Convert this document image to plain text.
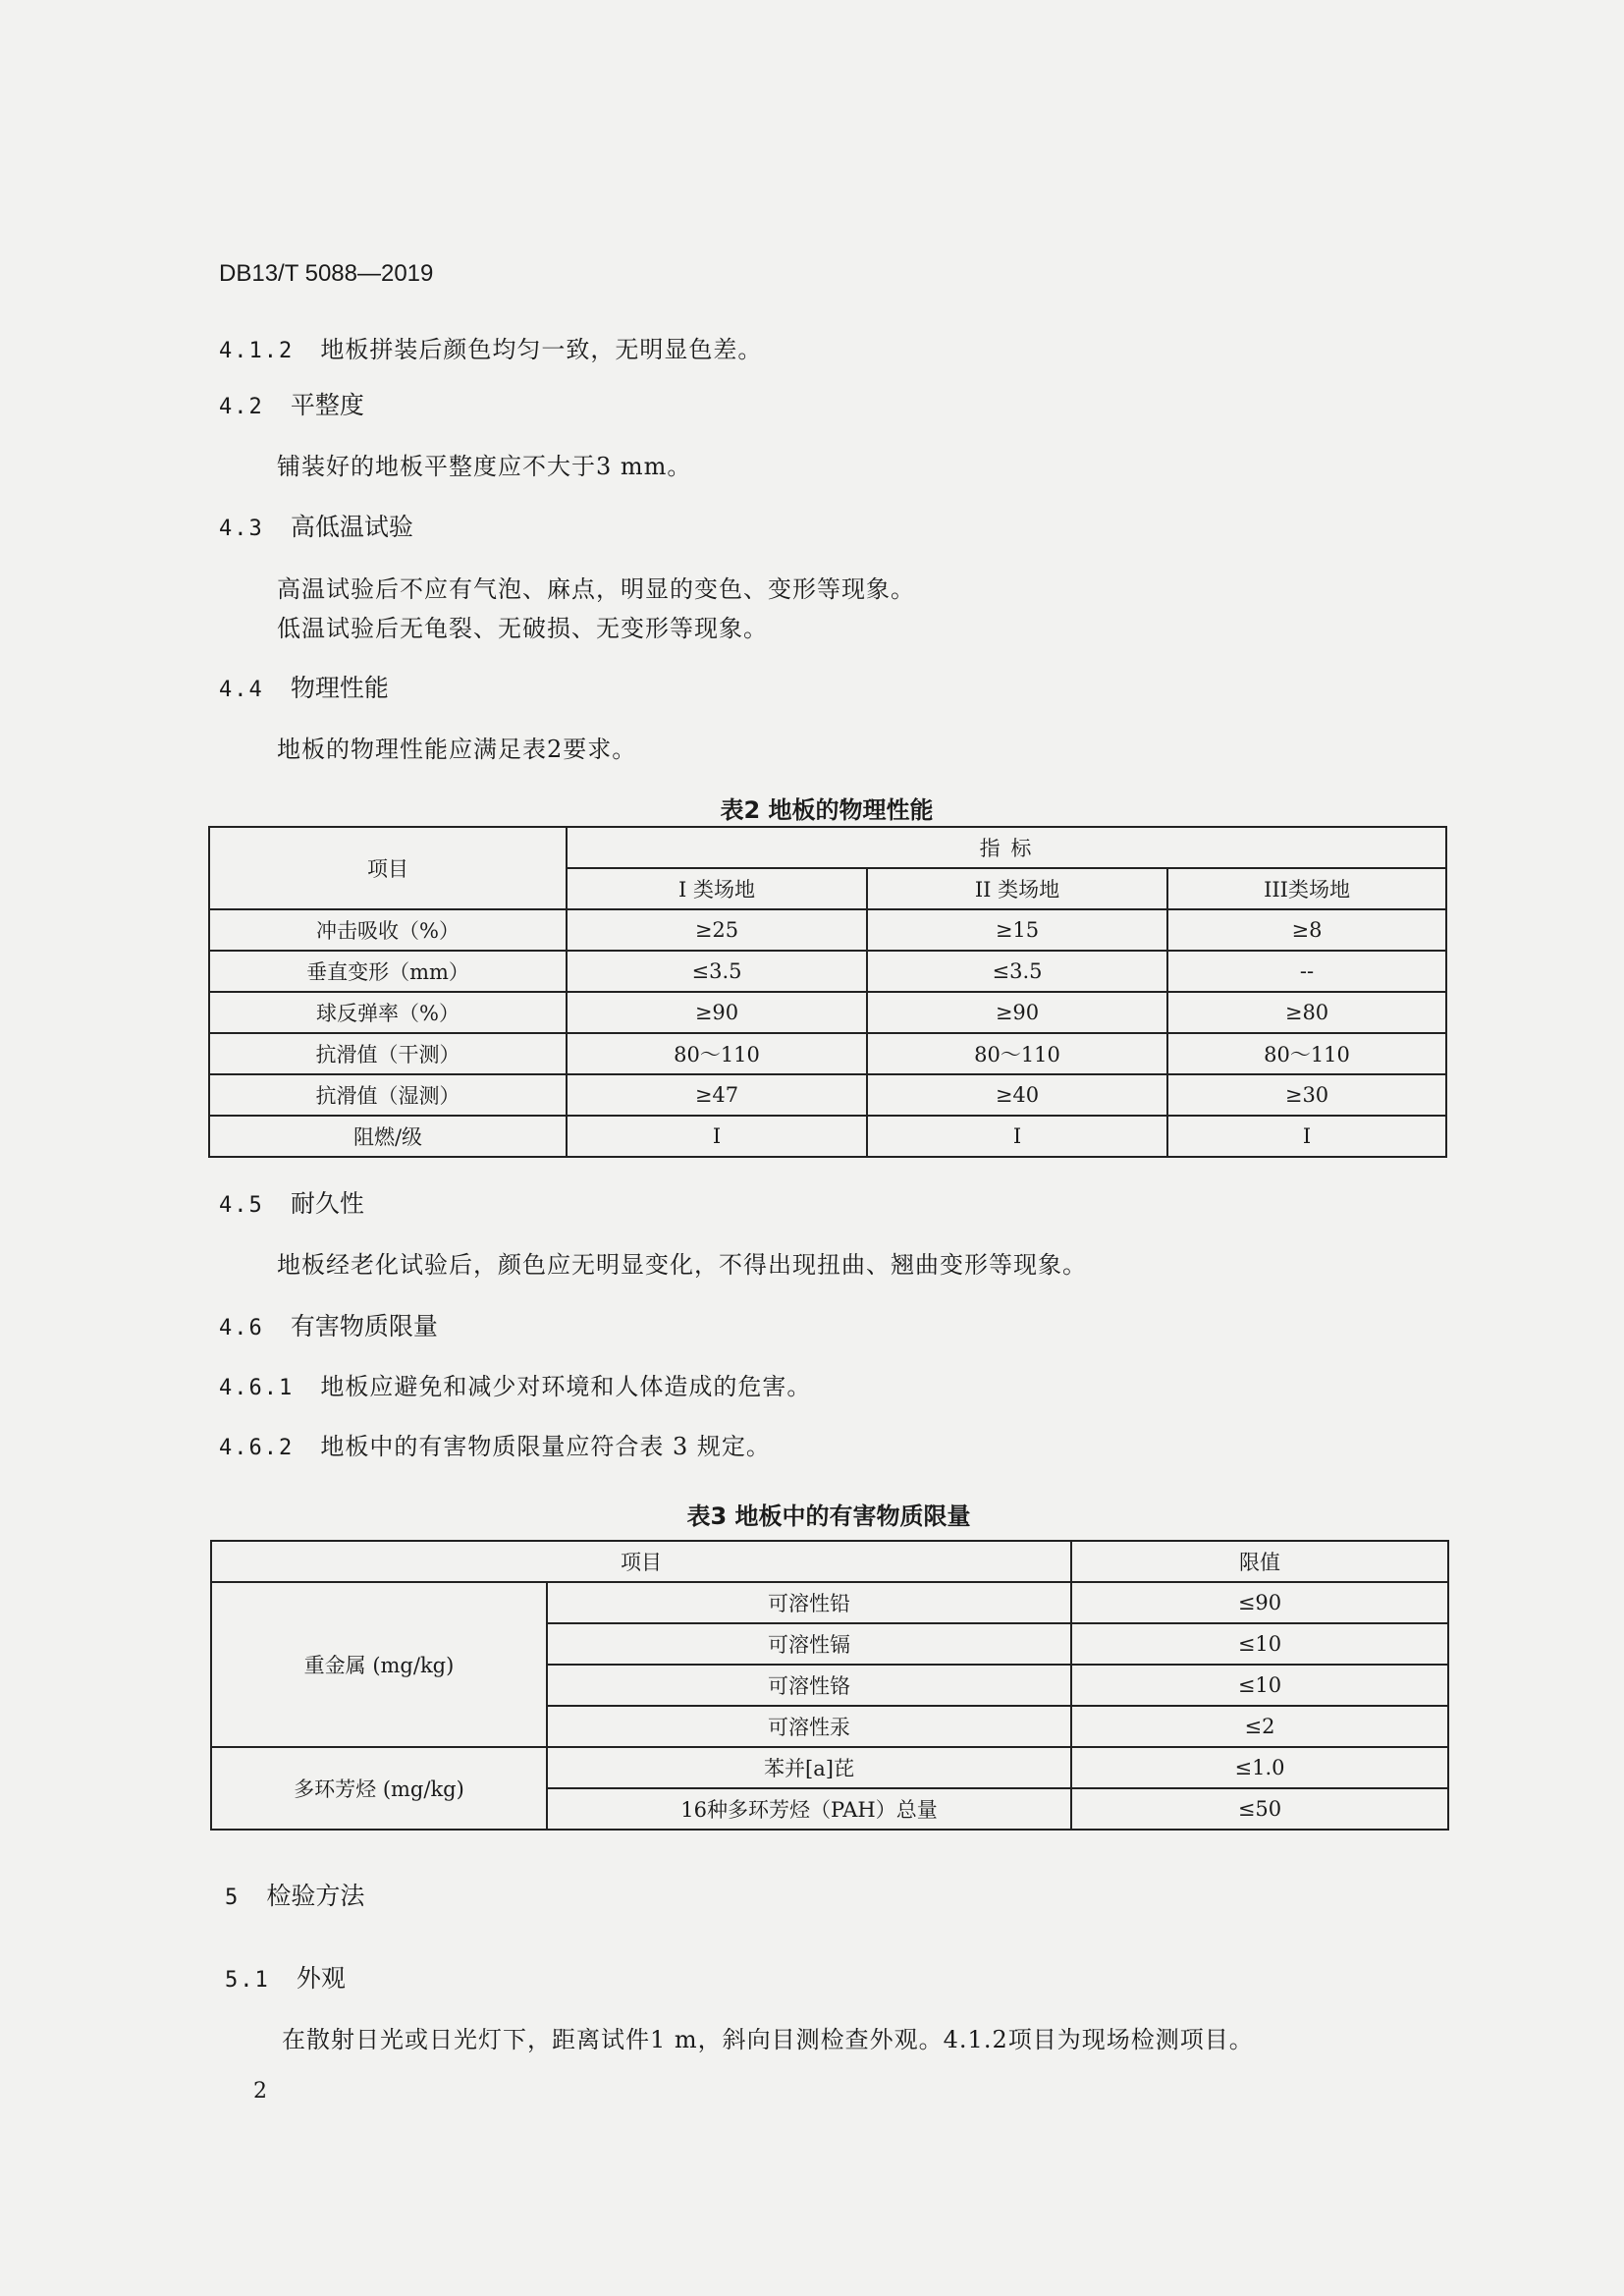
DB13/T 5088—2019
4.1.2 地板拼装后颜色均匀一致，无明显色差。
4.2 平整度
铺装好的地板平整度应不大于3 mm。
4.3 高低温试验
高温试验后不应有气泡、麻点，明显的变色、变形等现象。
低温试验后无龟裂、无破损、无变形等现象。
4.4 物理性能
地板的物理性能应满足表2要求。
表2 地板的物理性能
项目	指 标		
	I 类场地	II 类场地	III类场地
冲击吸收（%）	≥25	≥15	≥8
垂直变形（mm）	≤3.5	≤3.5	--
球反弹率（%）	≥90	≥90	≥80
抗滑值（干测）	80～110	80～110	80～110
抗滑值（湿测）	≥47	≥40	≥30
阻燃/级	I	I	I
4.5 耐久性
地板经老化试验后，颜色应无明显变化，不得出现扭曲、翘曲变形等现象。
4.6 有害物质限量
4.6.1 地板应避免和减少对环境和人体造成的危害。
4.6.2 地板中的有害物质限量应符合表 3 规定。
表3 地板中的有害物质限量
项目		限值
重金属 (mg/kg)	可溶性铅	≤90
	可溶性镉	≤10
	可溶性铬	≤10
	可溶性汞	≤2
多环芳烃 (mg/kg)	苯并[a]芘	≤1.0
	16种多环芳烃（PAH）总量	≤50
5 检验方法
5.1 外观
在散射日光或日光灯下，距离试件1 m，斜向目测检查外观。4.1.2项目为现场检测项目。
2
